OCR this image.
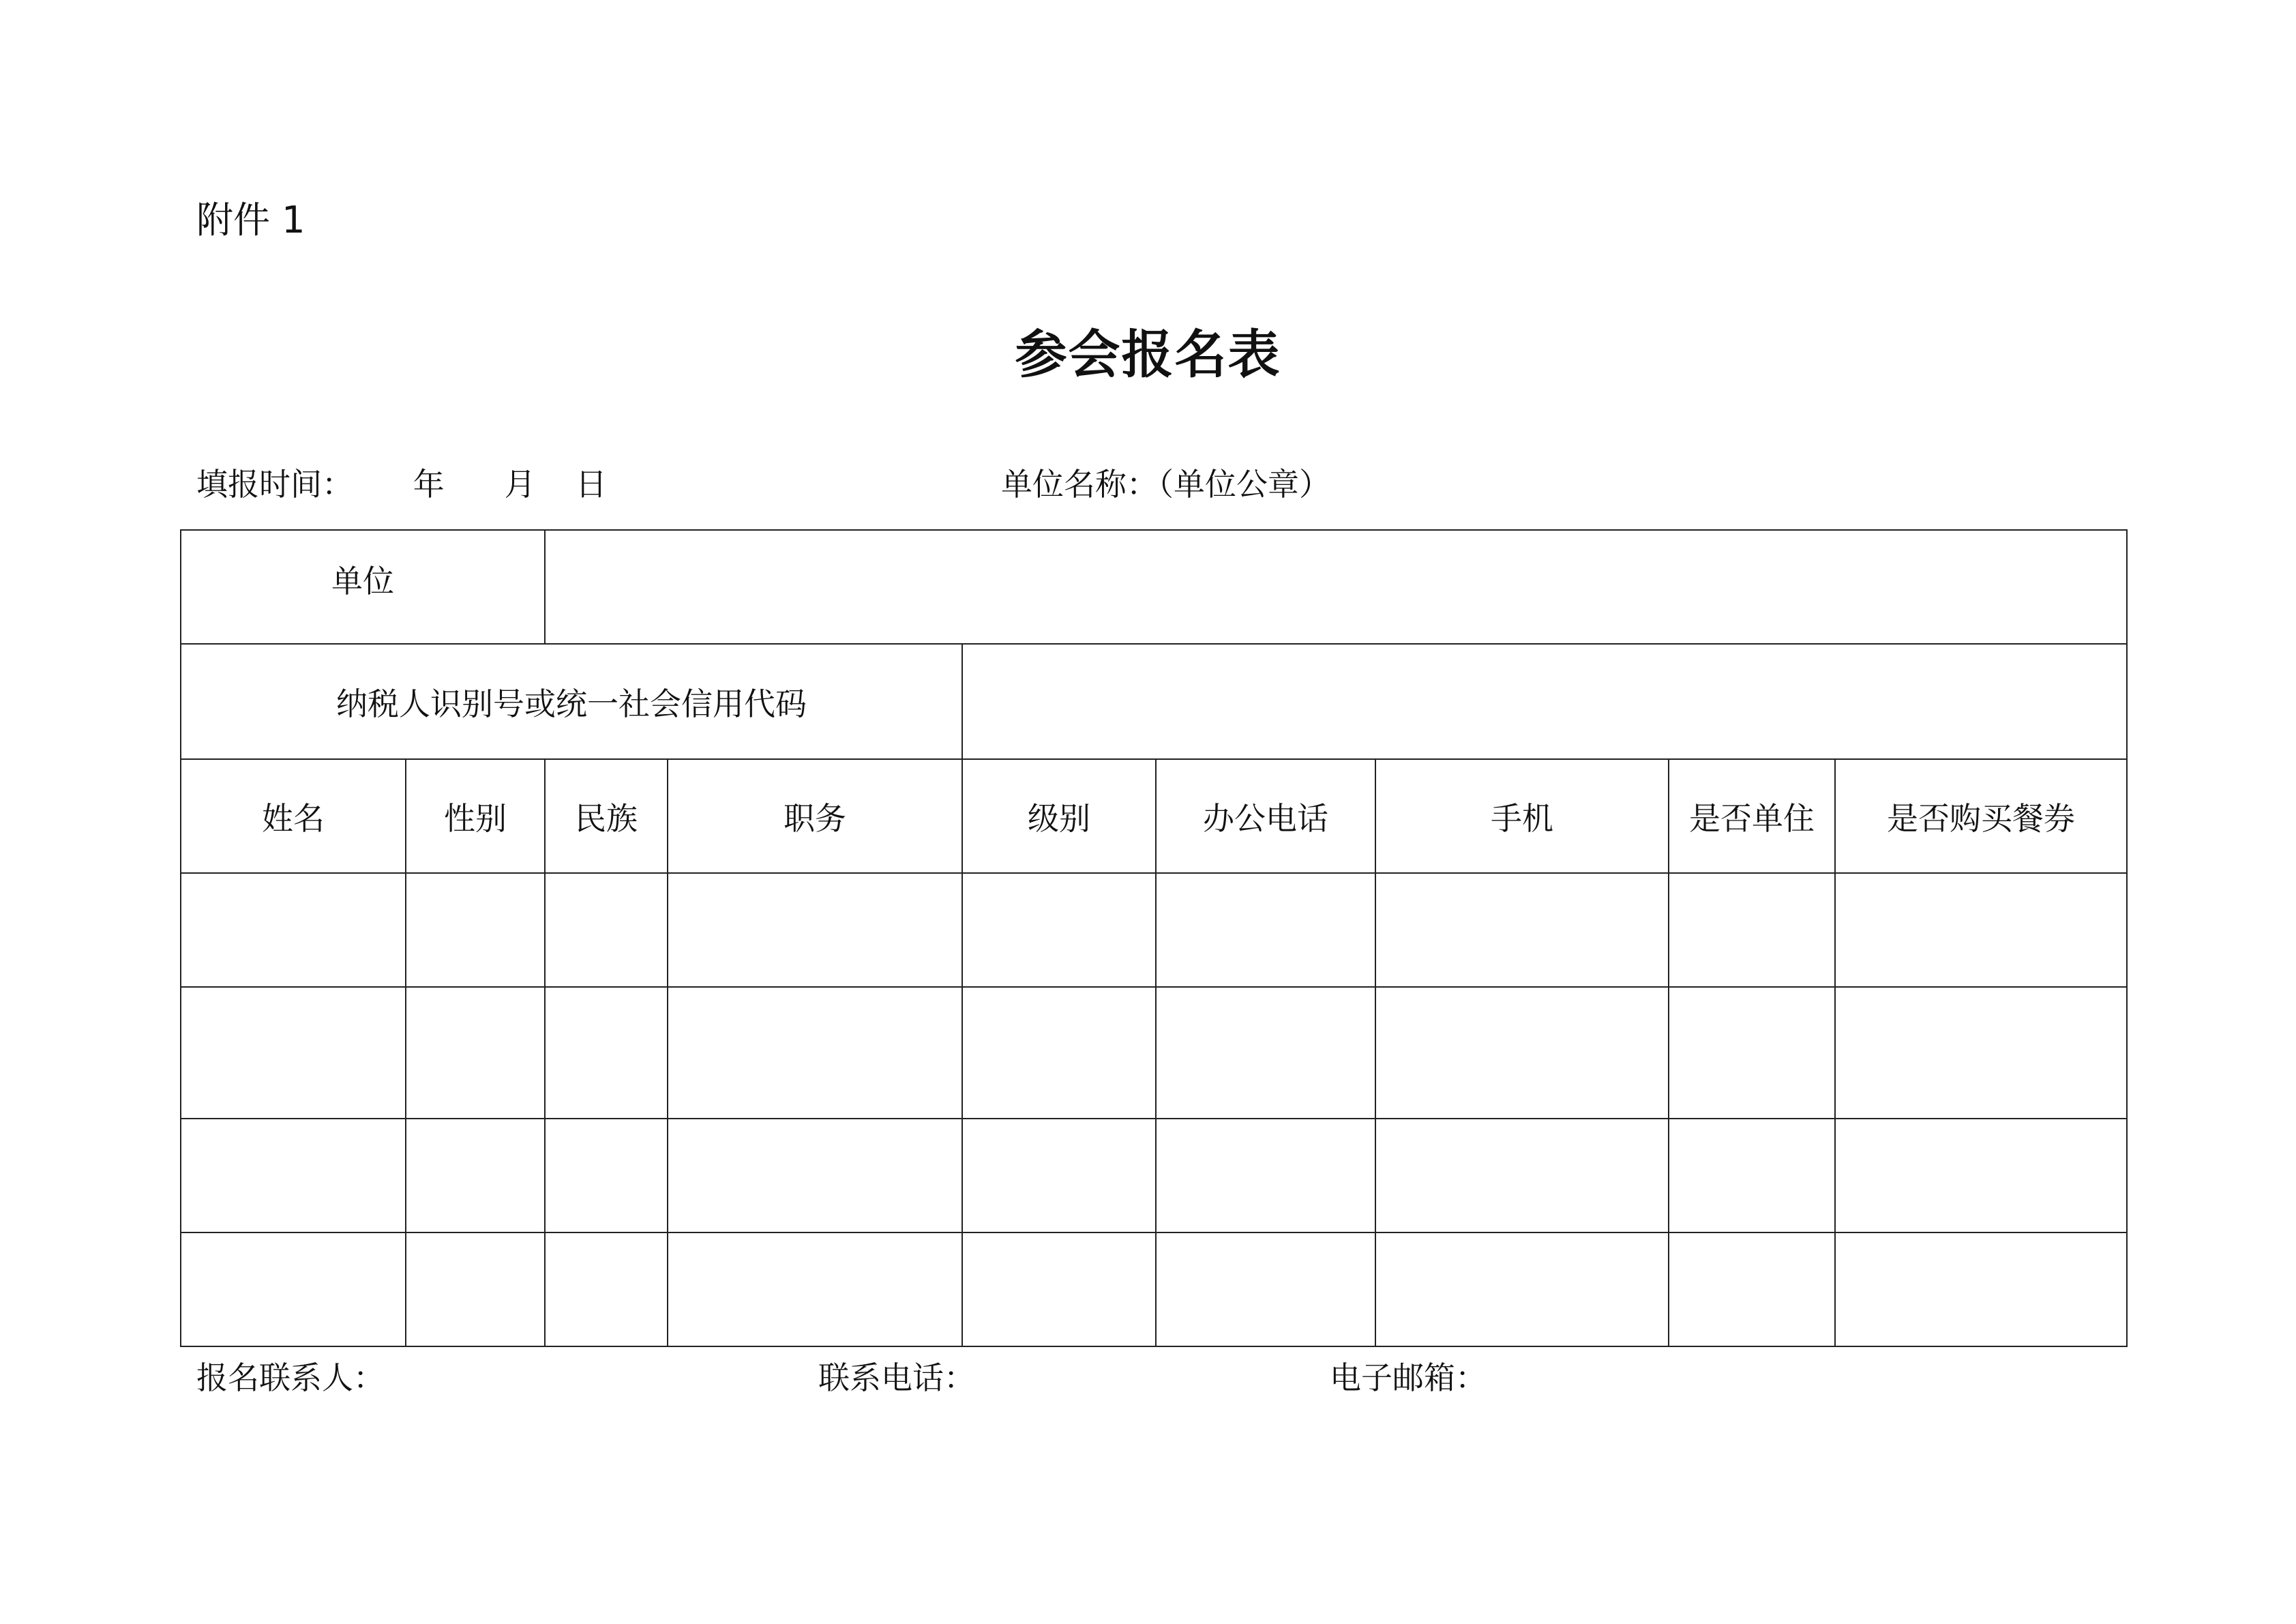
附件 1
参会报名表
填报时间： 年 月 日	单位名称：（单位公章）
单位								
纳税人识别号或统一社会信用代码								
姓名	性别	民族	职务	级别	办公电话	手机	是否单住	是否购买餐券

报名联系人：	联系电话：	电子邮箱：
